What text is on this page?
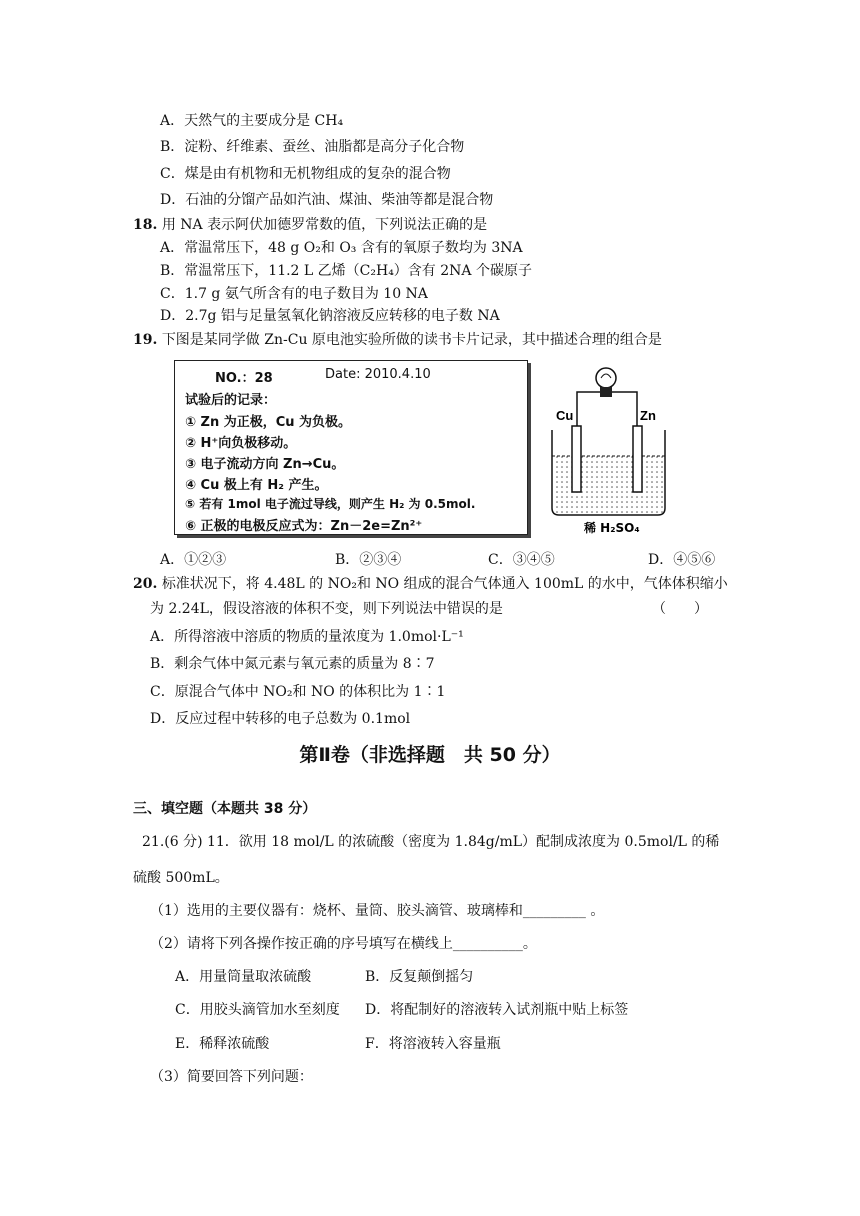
A．天然气的主要成分是 CH₄
B．淀粉、纤维素、蚕丝、油脂都是高分子化合物
C．煤是由有机物和无机物组成的复杂的混合物
D．石油的分馏产品如汽油、煤油、柴油等都是混合物
18. 用 NA 表示阿伏加德罗常数的值，下列说法正确的是
A．常温常压下，48 g O₂和 O₃ 含有的氧原子数均为 3NA
B．常温常压下，11.2 L 乙烯（C₂H₄）含有 2NA 个碳原子
C．1.7 g 氨气所含有的电子数目为 10 NA
D．2.7g 铝与足量氢氧化钠溶液反应转移的电子数 NA
19. 下图是某同学做 Zn-Cu 原电池实验所做的读书卡片记录，其中描述合理的组合是
NO.：28	Date: 2010.4.10
试验后的记录：
① Zn 为正极，Cu 为负极。
② H⁺向负极移动。
③ 电子流动方向 Zn→Cu。
④ Cu 极上有 H₂ 产生。
⑤ 若有 1mol 电子流过导线，则产生 H₂ 为 0.5mol.
⑥ 正极的电极反应式为：Zn－2e=Zn²⁺
Cu	Zn
稀 H₂SO₄
A．①②③	B．②③④	C．③④⑤	D．④⑤⑥
20. 标准状况下，将 4.48L 的 NO₂和 NO 组成的混合气体通入 100mL 的水中，气体体积缩小
为 2.24L，假设溶液的体积不变，则下列说法中错误的是	（　　）
A．所得溶液中溶质的物质的量浓度为 1.0mol·L⁻¹
B．剩余气体中氮元素与氧元素的质量为 8∶7
C．原混合气体中 NO₂和 NO 的体积比为 1∶1
D．反应过程中转移的电子总数为 0.1mol
第Ⅱ卷（非选择题　共 50 分）
三、填空题（本题共 38 分）
21.(6 分) 11．欲用 18 mol/L 的浓硫酸（密度为 1.84g/mL）配制成浓度为 0.5mol/L 的稀
硫酸 500mL。
（1）选用的主要仪器有：烧杯、量筒、胶头滴管、玻璃棒和_________ 。
（2）请将下列各操作按正确的序号填写在横线上__________。
A．用量筒量取浓硫酸	B．反复颠倒摇匀
C．用胶头滴管加水至刻度 D．将配制好的溶液转入试剂瓶中贴上标签
E．稀释浓硫酸	F．将溶液转入容量瓶
（3）简要回答下列问题：
